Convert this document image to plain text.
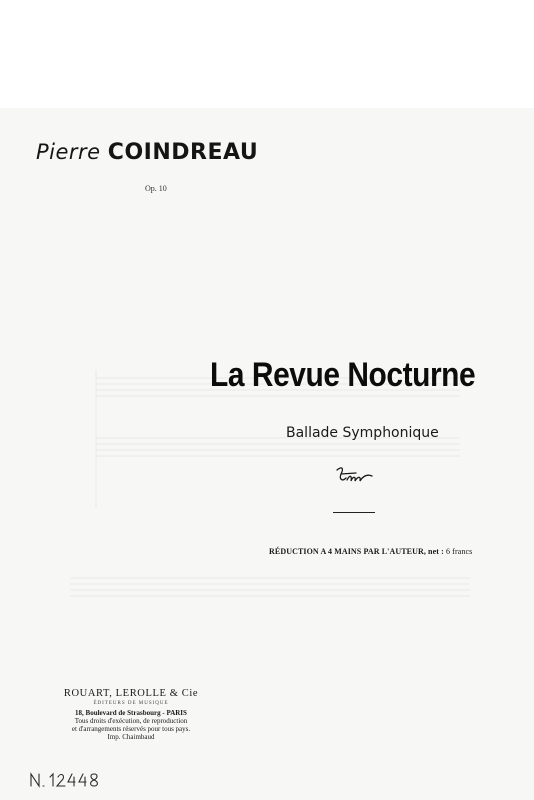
Pierre COINDREAU
Op. 10
La Revue Nocturne
Ballade Symphonique
RÉDUCTION A 4 MAINS PAR L'AUTEUR, net : 6 francs
ROUART, LEROLLE & Cie
ÉDITEURS DE MUSIQUE
18, Boulevard de Strasbourg - PARIS
Tous droits d'exécution, de reproduction
et d'arrangements réservés pour tous pays.
Imp. Chaimbaud
